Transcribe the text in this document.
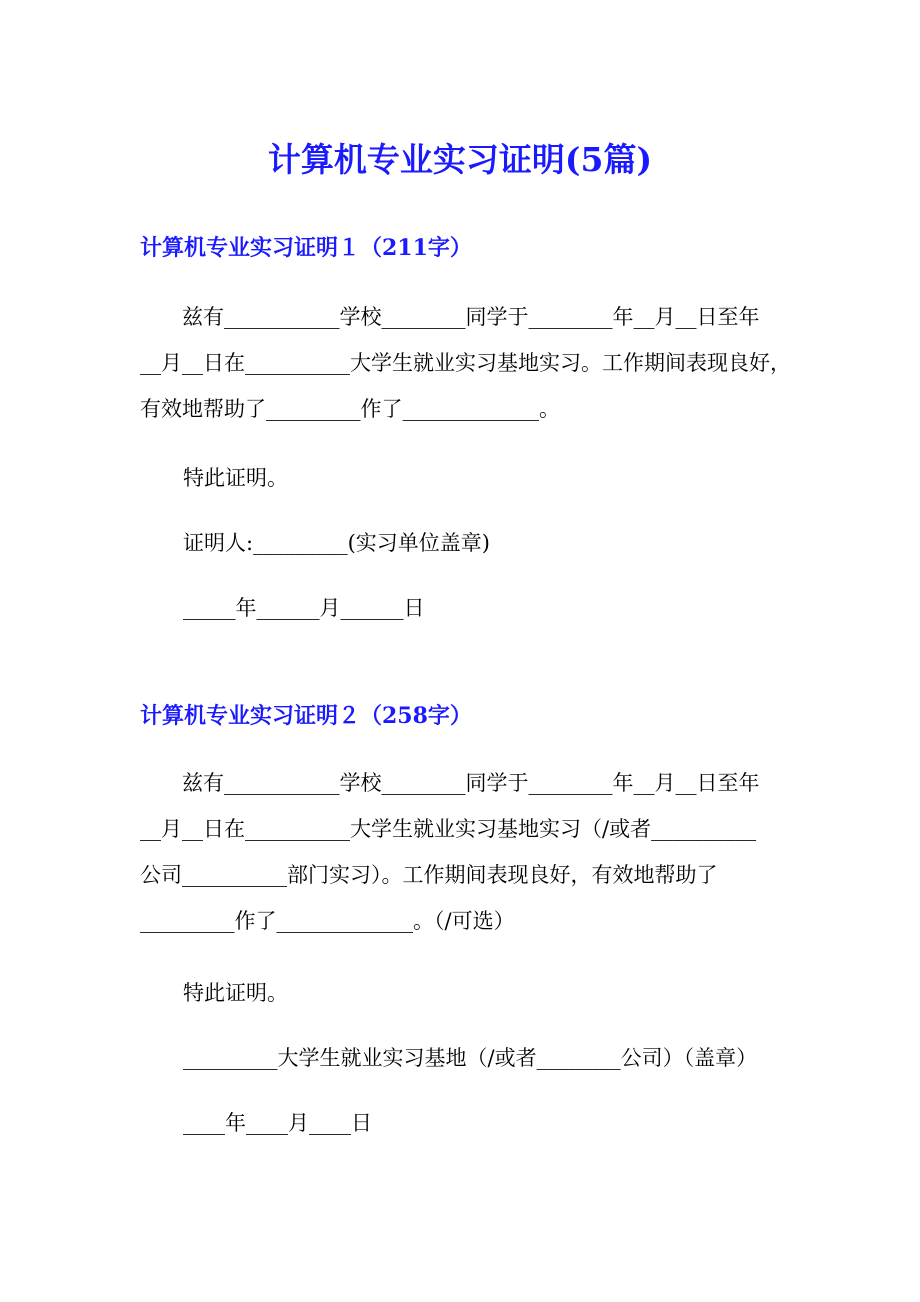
计算机专业实习证明(5篇)
计算机专业实习证明１（211字）

　　兹有___________学校________同学于________年__月__日至年
__月__日在__________大学生就业实习基地实习。工作期间表现良好，
有效地帮助了_________作了_____________。

特此证明。

证明人:_________(实习单位盖章)

_____年______月______日

计算机专业实习证明２（258字）

　　兹有___________学校________同学于________年__月__日至年
__月__日在__________大学生就业实习基地实习（/或者__________
公司__________部门实习）。工作期间表现良好，有效地帮助了
_________作了_____________。（/可选）

特此证明。

_________大学生就业实习基地（/或者________公司）（盖章）

____年____月____日
